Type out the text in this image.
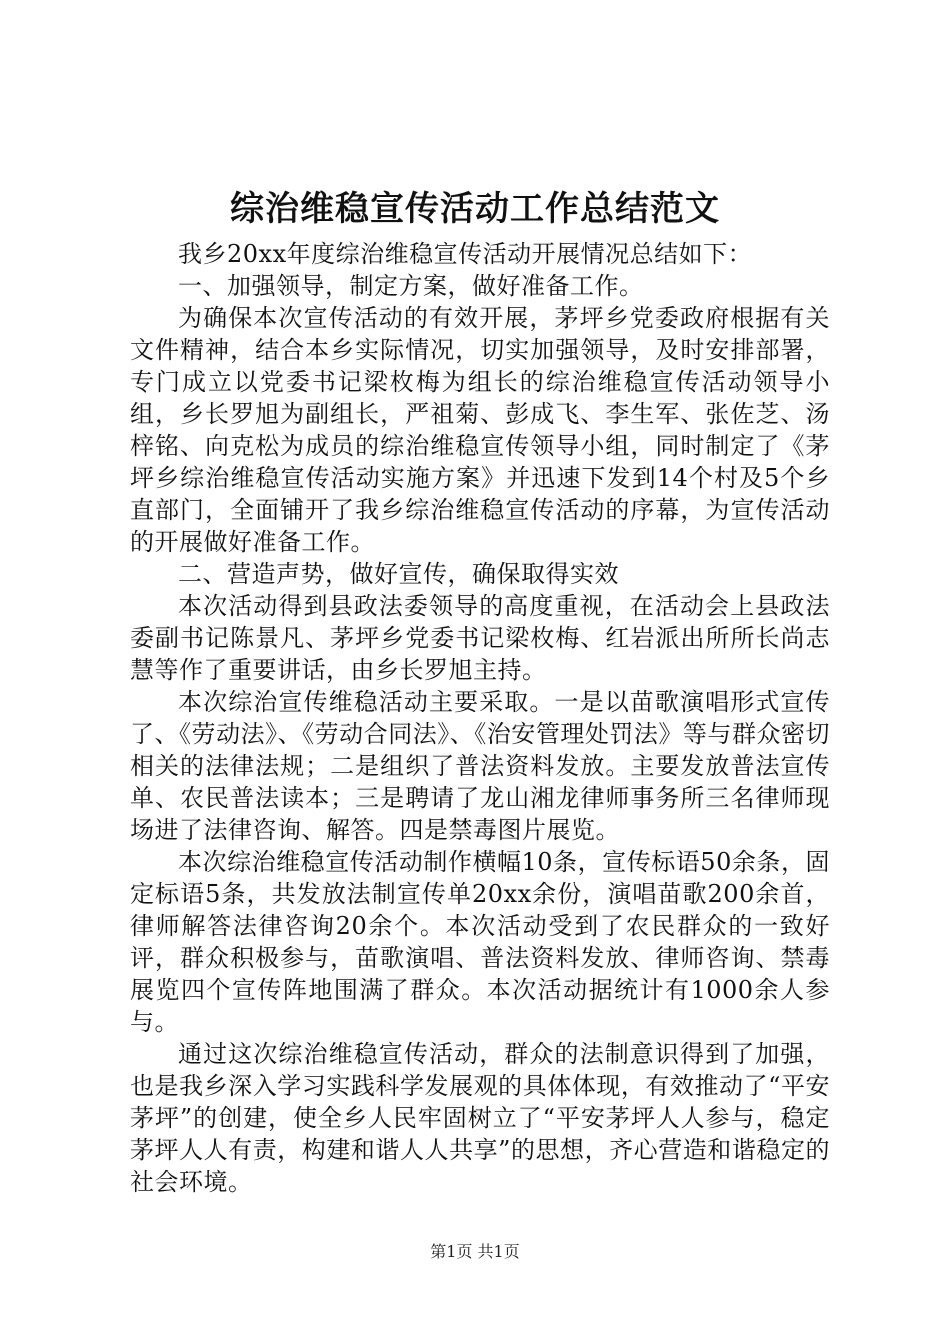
综治维稳宣传活动工作总结范文

我乡20xx年度综治维稳宣传活动开展情况总结如下：

一、加强领导，制定方案，做好准备工作。

为确保本次宣传活动的有效开展，茅坪乡党委政府根据有关文件精神，结合本乡实际情况，切实加强领导，及时安排部署，专门成立以党委书记梁枚梅为组长的综治维稳宣传活动领导小组，乡长罗旭为副组长，严祖菊、彭成飞、李生军、张佐芝、汤梓铭、向克松为成员的综治维稳宣传领导小组，同时制定了《茅坪乡综治维稳宣传活动实施方案》并迅速下发到14个村及5个乡直部门，全面铺开了我乡综治维稳宣传活动的序幕，为宣传活动的开展做好准备工作。

二、营造声势，做好宣传，确保取得实效

本次活动得到县政法委领导的高度重视，在活动会上县政法委副书记陈景凡、茅坪乡党委书记梁枚梅、红岩派出所所长尚志慧等作了重要讲话，由乡长罗旭主持。

本次综治宣传维稳活动主要采取。一是以苗歌演唱形式宣传了、《劳动法》、《劳动合同法》、《治安管理处罚法》等与群众密切相关的法律法规；二是组织了普法资料发放。主要发放普法宣传单、农民普法读本；三是聘请了龙山湘龙律师事务所三名律师现场进了法律咨询、解答。四是禁毒图片展览。

本次综治维稳宣传活动制作横幅10条，宣传标语50余条，固定标语5条，共发放法制宣传单20xx余份，演唱苗歌200余首，律师解答法律咨询20余个。本次活动受到了农民群众的一致好评，群众积极参与，苗歌演唱、普法资料发放、律师咨询、禁毒展览四个宣传阵地围满了群众。本次活动据统计有1000余人参与。

通过这次综治维稳宣传活动，群众的法制意识得到了加强，也是我乡深入学习实践科学发展观的具体体现，有效推动了“平安茅坪”的创建，使全乡人民牢固树立了“平安茅坪人人参与，稳定茅坪人人有责，构建和谐人人共享”的思想，齐心营造和谐稳定的社会环境。

第1页 共1页
